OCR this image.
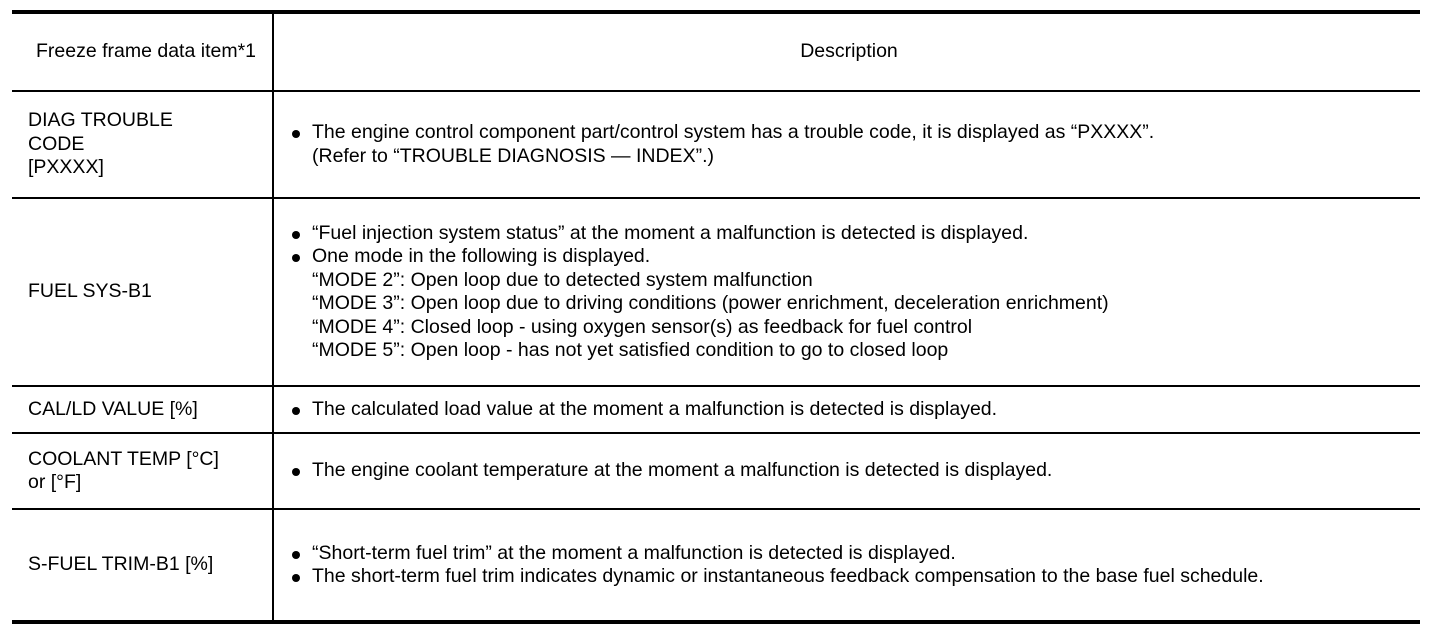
Freeze frame data item*1	Description
DIAG TROUBLE
CODE
[PXXXX]
The engine control component part/control system has a trouble code, it is displayed as “PXXXX”.
(Refer to “TROUBLE DIAGNOSIS — INDEX”.)
FUEL SYS-B1
“Fuel injection system status” at the moment a malfunction is detected is displayed.
One mode in the following is displayed.
“MODE 2”: Open loop due to detected system malfunction
“MODE 3”: Open loop due to driving conditions (power enrichment, deceleration enrichment)
“MODE 4”: Closed loop - using oxygen sensor(s) as feedback for fuel control
“MODE 5”: Open loop - has not yet satisfied condition to go to closed loop
CAL/LD VALUE [%]	The calculated load value at the moment a malfunction is detected is displayed.
COOLANT TEMP [°C]
or [°F]
The engine coolant temperature at the moment a malfunction is detected is displayed.
S-FUEL TRIM-B1 [%]
“Short-term fuel trim” at the moment a malfunction is detected is displayed.
The short-term fuel trim indicates dynamic or instantaneous feedback compensation to the base fuel schedule.
